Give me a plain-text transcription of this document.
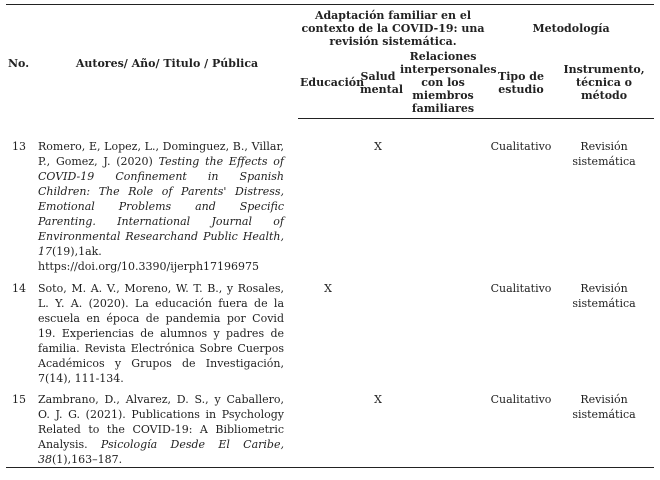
No.	Autores/ Año/ Titulo / Pública	Adaptación familiar en el contexto de la COVID-19: una revisión sistemática.			Metodología	
		Educación	Salud mental	Relaciones interpersonales con los miembros familiares	Tipo de estudio	Instrumento, técnica o método
13	Romero, E, Lopez, L., Dominguez, B., Villar, P., Gomez, J. (2020) Testing the Effects of COVID-19 Confinement in Spanish Children: The Role of Parents' Distress, Emotional Problems and Specific Parenting. International Journal of Environmental Researchand Public Health, 17(19),1ak. https://doi.org/10.3390/ijerph17196975		X		Cualitativo	Revisión sistemática
14	Soto, M. A. V., Moreno, W. T. B., y Rosales, L. Y. A. (2020). La educación fuera de la escuela en época de pandemia por Covid 19. Experiencias de alumnos y padres de familia. Revista Electrónica Sobre Cuerpos Académicos y Grupos de Investigación, 7(14), 111-134.	X			Cualitativo	Revisión sistemática
15	Zambrano, D., Alvarez, D. S., y Caballero, O. J. G. (2021). Publications in Psychology Related to the COVID-19: A Bibliometric Analysis. Psicología Desde El Caribe, 38(1),163–187.		X		Cualitativo	Revisión sistemática
